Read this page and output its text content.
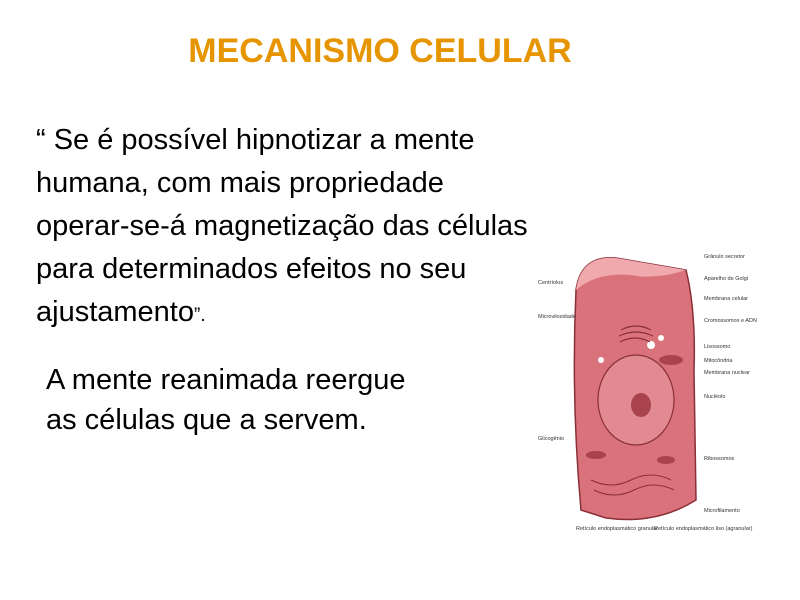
MECANISMO CELULAR
“ Se é possível hipnotizar a mente
humana, com mais propriedade
operar-se-á magnetização das células
para determinados efeitos no seu
ajustamento”.
A mente reanimada reergue
as células que a servem.
Centríolos
Microvilosidade
Glicogênio
Retículo endoplasmático granular
Grânulo secretor
Aparelho de Golgi
Membrana celular
Cromossomos e ADN
Lisossomo
Mitocôndria
Membrana nuclear
Nucléolo
Ribossomos
Microfilamento
Retículo endoplasmático liso (agranular)
